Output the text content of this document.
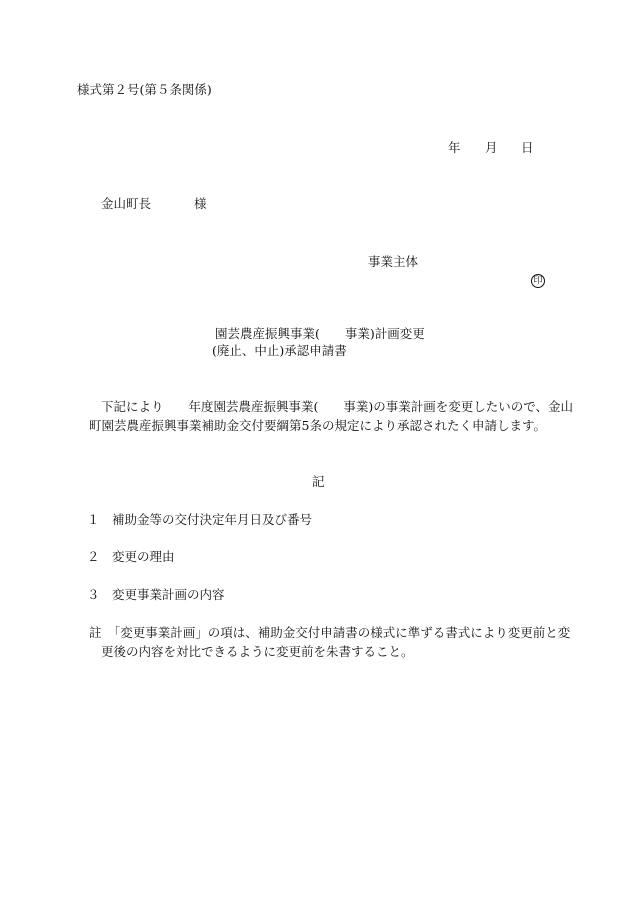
様式第２号(第５条関係)
年 月 日
金山町長	様
事業主体
印
園芸農産振興事業(　　事業)計画変更
(廃止、中止)承認申請書
下記により　　年度園芸農産振興事業(　　事業)の事業計画を変更したいので、金山
町園芸農産振興事業補助金交付要綱第5条の規定により承認されたく申請します。
記
１　補助金等の交付決定年月日及び番号
２　変更の理由
３　変更事業計画の内容
註　「変更事業計画」の項は、補助金交付申請書の様式に準ずる書式により変更前と変
更後の内容を対比できるように変更前を朱書すること。
